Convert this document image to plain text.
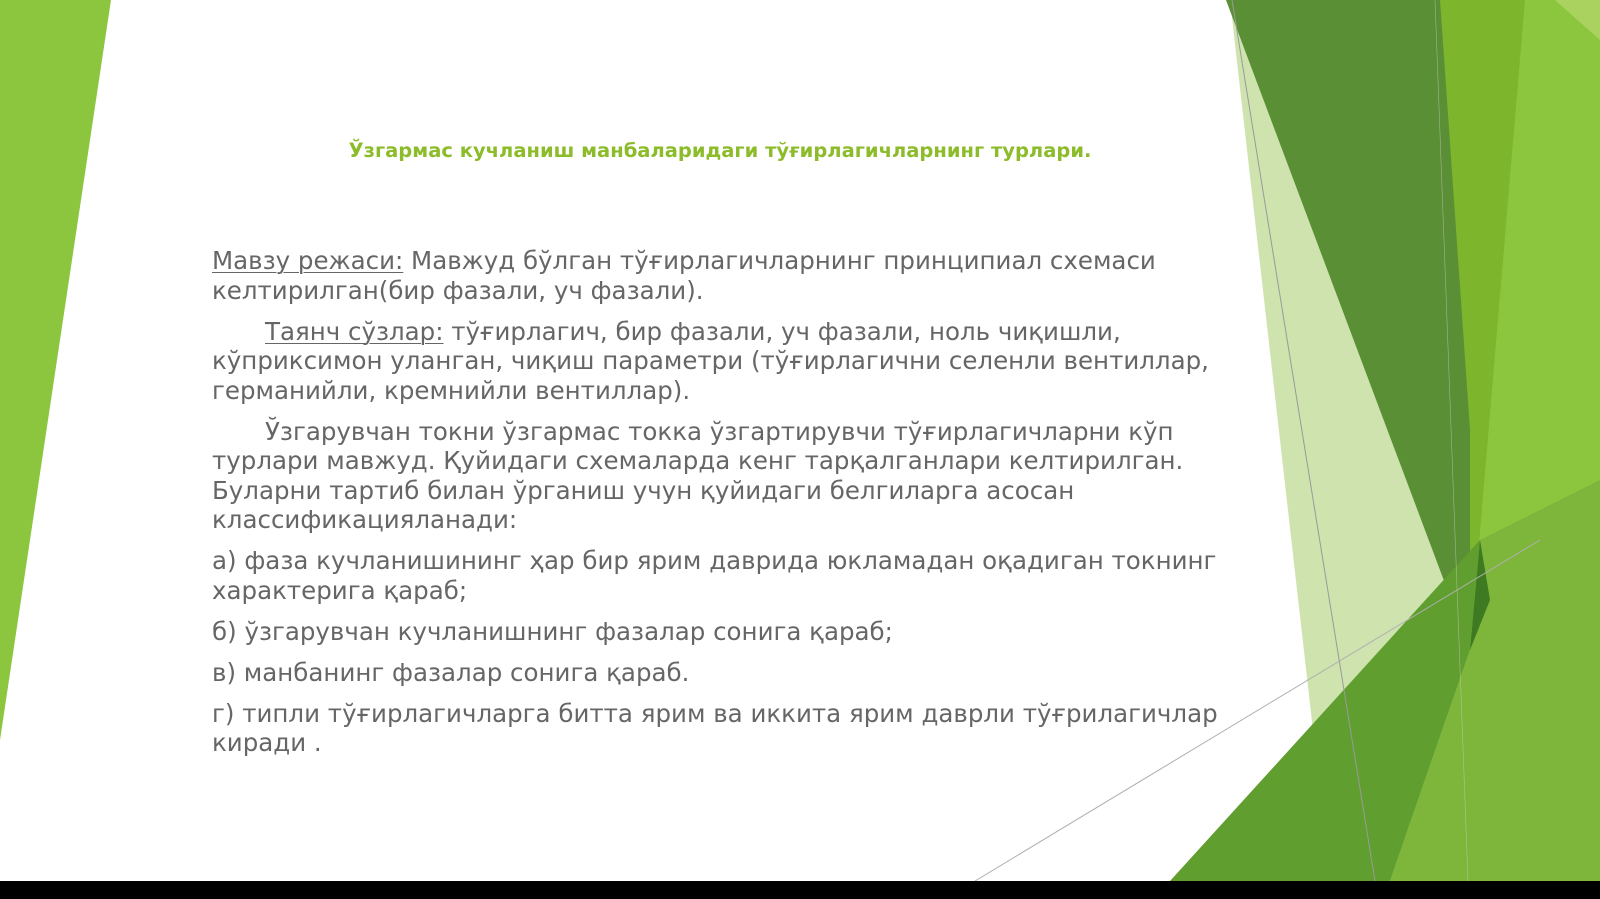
Ўзгармас кучланиш манбаларидаги тўғирлагичларнинг турлари.

Мавзу режаси: Мавжуд бўлган тўғирлагичларнинг принципиал схемаси келтирилган(бир фазали, уч фазали).

Таянч сўзлар: тўғирлагич, бир фазали, уч фазали, ноль чиқишли, кўприксимон уланган, чиқиш параметри (тўғирлагични селенли вентиллар, германийли, кремнийли вентиллар).

Ўзгарувчан токни ўзгармас токка ўзгартирувчи тўғирлагичларни кўп турлари мавжуд. Қуйидаги схемаларда кенг тарқалганлари келтирилган. Буларни тартиб билан ўрганиш учун қуйидаги белгиларга асосан классификацияланади:

а) фаза кучланишининг ҳар бир ярим даврида юкламадан оқадиган токнинг характерига қараб;

б) ўзгарувчан кучланишнинг фазалар сонига қараб;

в) манбанинг фазалар сонига қараб.

г) типли тўғирлагичларга битта ярим ва иккита ярим даврли тўғрилагичлар киради .
